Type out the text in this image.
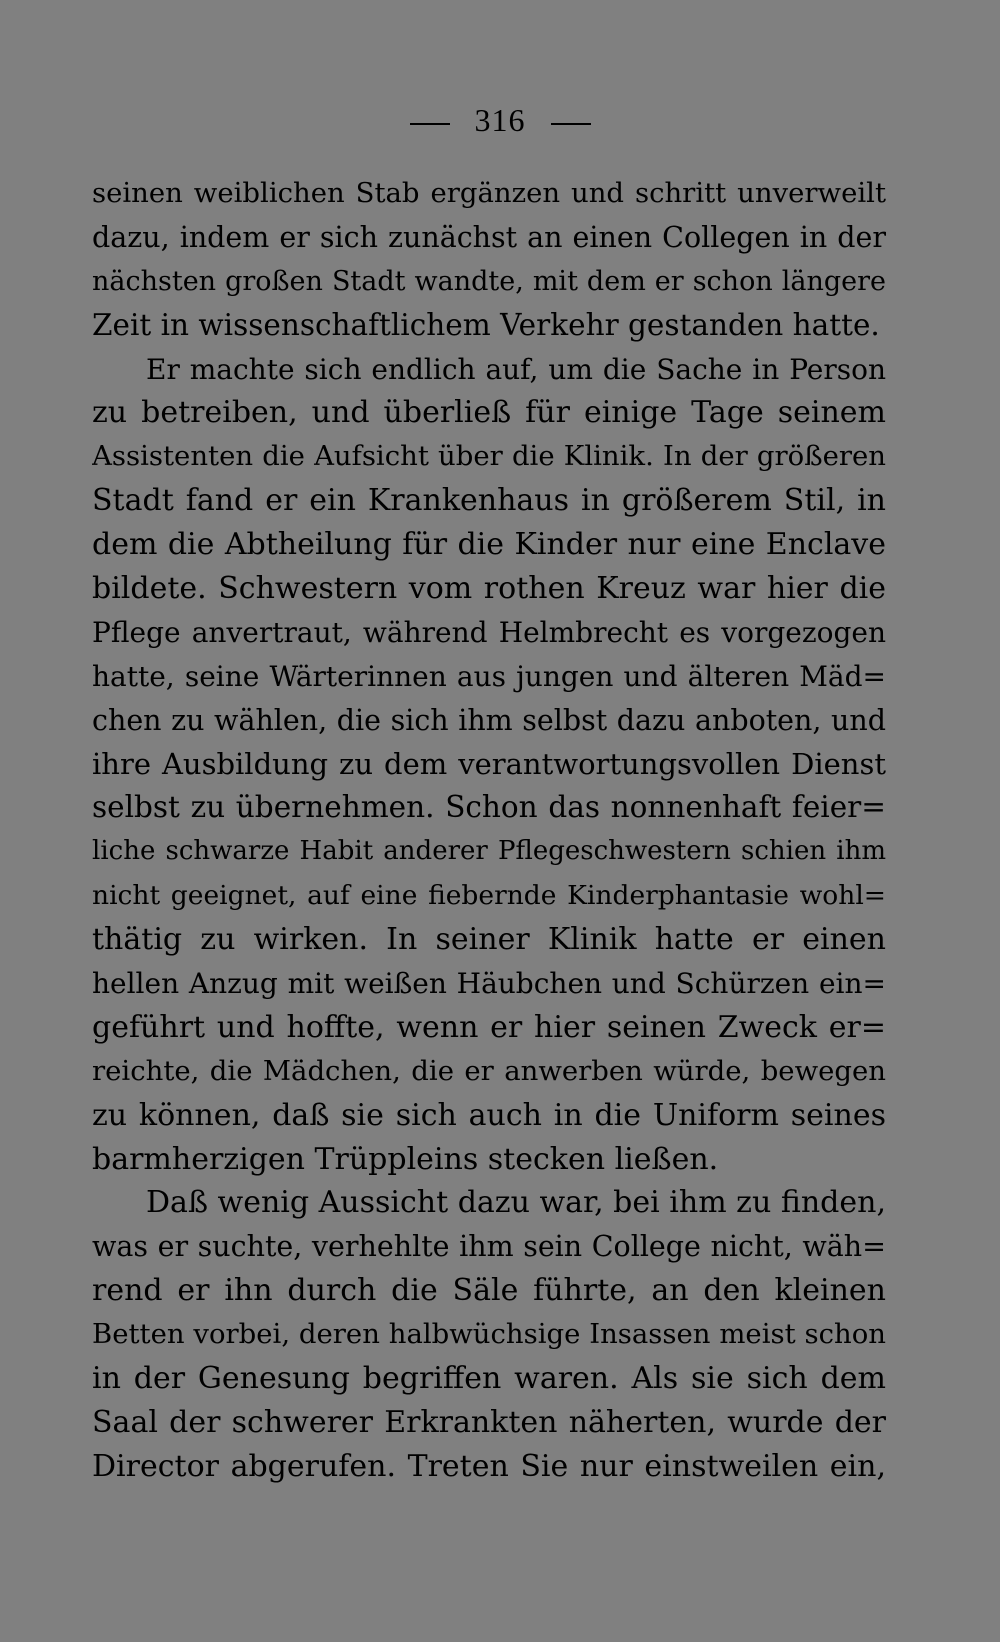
316
seinen weiblichen Stab ergänzen und schritt unverweilt
dazu, indem er sich zunächst an einen Collegen in der
nächsten großen Stadt wandte, mit dem er schon längere
Zeit in wissenschaftlichem Verkehr gestanden hatte.
Er machte sich endlich auf, um die Sache in Person
zu betreiben, und überließ für einige Tage seinem
Assistenten die Aufsicht über die Klinik. In der größeren
Stadt fand er ein Krankenhaus in größerem Stil, in
dem die Abtheilung für die Kinder nur eine Enclave
bildete. Schwestern vom rothen Kreuz war hier die
Pflege anvertraut, während Helmbrecht es vorgezogen
hatte, seine Wärterinnen aus jungen und älteren Mäd=
chen zu wählen, die sich ihm selbst dazu anboten, und
ihre Ausbildung zu dem verantwortungsvollen Dienst
selbst zu übernehmen. Schon das nonnenhaft feier=
liche schwarze Habit anderer Pflegeschwestern schien ihm
nicht geeignet, auf eine fiebernde Kinderphantasie wohl=
thätig zu wirken. In seiner Klinik hatte er einen
hellen Anzug mit weißen Häubchen und Schürzen ein=
geführt und hoffte, wenn er hier seinen Zweck er=
reichte, die Mädchen, die er anwerben würde, bewegen
zu können, daß sie sich auch in die Uniform seines
barmherzigen Trüppleins stecken ließen.
Daß wenig Aussicht dazu war, bei ihm zu finden,
was er suchte, verhehlte ihm sein College nicht, wäh=
rend er ihn durch die Säle führte, an den kleinen
Betten vorbei, deren halbwüchsige Insassen meist schon
in der Genesung begriffen waren. Als sie sich dem
Saal der schwerer Erkrankten näherten, wurde der
Director abgerufen. Treten Sie nur einstweilen ein,
